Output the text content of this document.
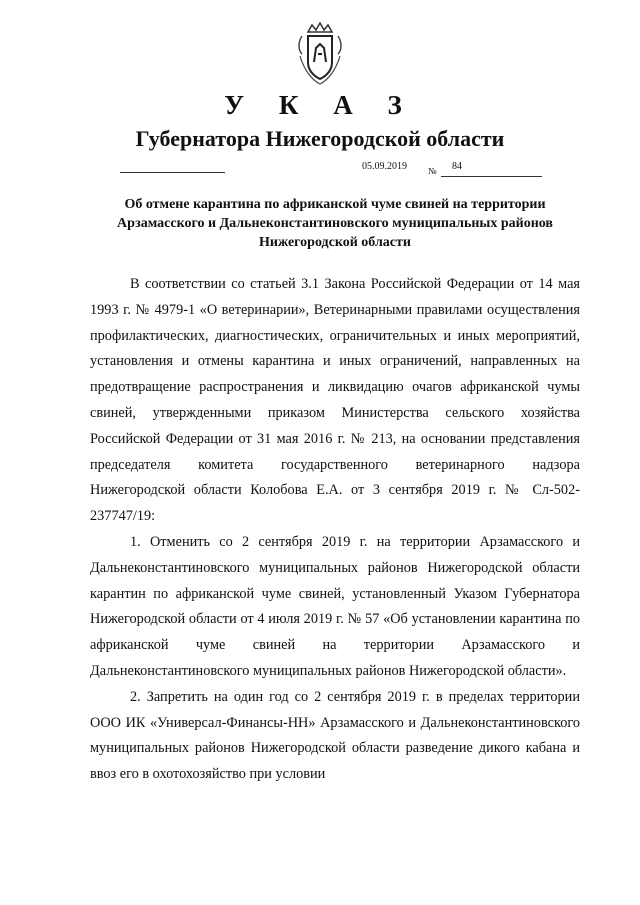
У К А З
Губернатора Нижегородской области
05.09.2019 № 84
Об отмене карантина по африканской чуме свиней на территории Арзамасского и Дальнеконстантиновского муниципальных районов Нижегородской области

В соответствии со статьей 3.1 Закона Российской Федерации от 14 мая 1993 г. № 4979-1 «О ветеринарии», Ветеринарными правилами осуществления профилактических, диагностических, ограничительных и иных мероприятий, установления и отмены карантина и иных ограничений, направленных на предотвращение распространения и ликвидацию очагов африканской чумы свиней, утвержденными приказом Министерства сельского хозяйства Российской Федерации от 31 мая 2016 г. № 213, на основании представления председателя комитета государственного ветеринарного надзора Нижегородской области Колобова Е.А. от 3 сентября 2019 г. № Сл-502-237747/19:

1. Отменить со 2 сентября 2019 г. на территории Арзамасского и Дальнеконстантиновского муниципальных районов Нижегородской области карантин по африканской чуме свиней, установленный Указом Губернатора Нижегородской области от 4 июля 2019 г. № 57 «Об установлении карантина по африканской чуме свиней на территории Арзамасского и Дальнеконстантиновского муниципальных районов Нижегородской области».

2. Запретить на один год со 2 сентября 2019 г. в пределах территории ООО ИК «Универсал-Финансы-НН» Арзамасского и Дальнеконстантиновского муниципальных районов Нижегородской области разведение дикого кабана и ввоз его в охотохозяйство при условии
